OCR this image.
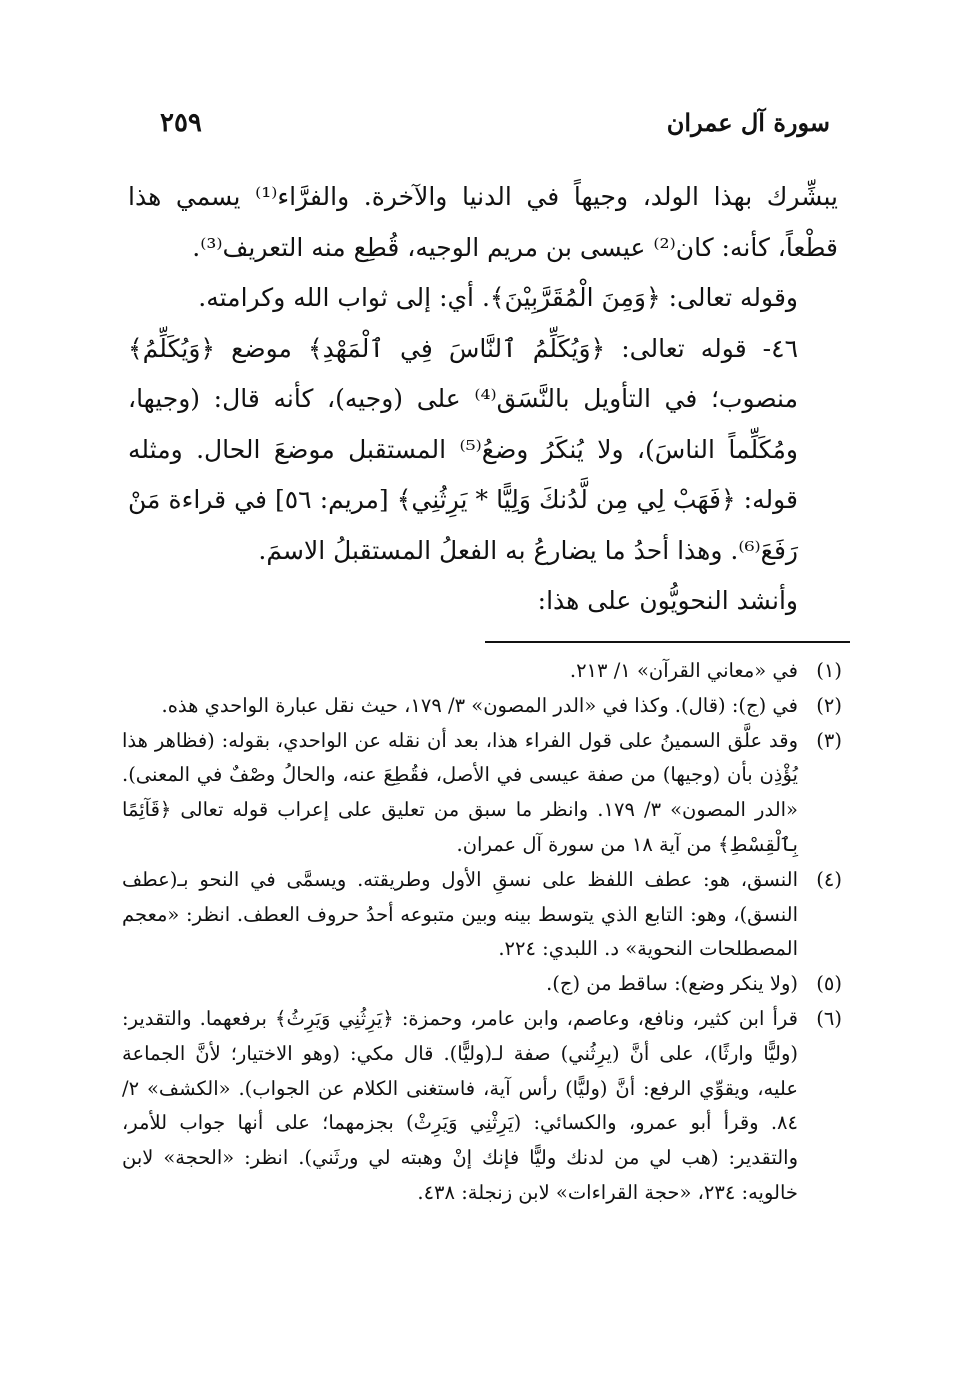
سورة آل عمران
٢٥٩

يبشِّرك بهذا الولد، وجيهاً في الدنيا والآخرة. والفرَّاء⁽¹⁾ يسمي هذا قطْعاً، كأنه: كان⁽²⁾ عيسى بن مريم الوجيه، قُطِع منه التعريف⁽³⁾.

وقوله تعالى: ﴿وَمِنَ الْمُقَرَّبِيْنَ﴾. أي: إلى ثواب الله وكرامته.

٤٦- قوله تعالى: ﴿وَيُكَلِّمُ ٱلنَّاسَ فِي ٱلْمَهْدِ﴾ موضع ﴿وَيُكَلِّمُ﴾ منصوب؛ في التأويل بالنَّسَق⁽⁴⁾ على (وجيه)، كأنه قال: (وجيها، ومُكَلِّماً الناسَ)، ولا يُنكَرُ وضعُ⁽⁵⁾ المستقبل موضعَ الحال. ومثله قوله: ﴿فَهَبْ لِي مِن لَّدُنكَ وَلِيًّا * يَرِثُنِي﴾ [مريم: ٥٦] في قراءة مَنْ رَفَعَ⁽⁶⁾. وهذا أحدُ ما يضارعُ به الفعلُ المستقبلُ الاسمَ.

وأنشد النحويُّون على هذا:

(١)
في «معاني القرآن» ١/ ٢١٣.
(٢)
في (ج): (قال). وكذا في «الدر المصون» ٣/ ١٧٩، حيث نقل عبارة الواحدي هذه.
(٣)
وقد علَّق السمينُ على قول الفراء هذا، بعد أن نقله عن الواحدي، بقوله: (فظاهر هذا يُؤْذِن بأن (وجيها) من صفة عيسى في الأصل، فقُطِعَ عنه، والحالُ وصْفٌ في المعنى). «الدر المصون» ٣/ ١٧٩. وانظر ما سبق من تعليق على إعراب قوله تعالى ﴿قَآئِمًا بِٱلْقِسْطِ﴾ من آية ١٨ من سورة آل عمران.
(٤)
النسق، هو: عطف اللفظ على نسقِ الأول وطريقته. ويسمَّى في النحو بـ(عطف النسق)، وهو: التابع الذي يتوسط بينه وبين متبوعه أحدُ حروف العطف. انظر: «معجم المصطلحات النحوية» د. اللبدي: ٢٢٤.
(٥)
(ولا ينكر وضع): ساقط من (ج).
(٦)
قرأ ابن كثير، ونافع، وعاصم، وابن عامر، وحمزة: ﴿يَرِثُنِي وَيَرِثُ﴾ برفعهما. والتقدير: (وليًّا وارثًا)، على أنَّ (يرِثُني) صفة لـ(وليًّا). قال مكي: (وهو الاختيار؛ لأنَّ الجماعة عليه، ويقوِّي الرفع: أنَّ (وليًّا) رأس آية، فاستغنى الكلام عن الجواب). «الكشف» ٢/ ٨٤. وقرأ أبو عمرو، والكسائي: (يَرِثْنِي وَيَرِثْ) بجزمهما؛ على أنها جواب للأمر، والتقدير: (هب لي من لدنك وليًّا فإنك إنْ وهبته لي ورثَني). انظر: «الحجة» لابن خالويه: ٢٣٤، «حجة القراءات» لابن زنجلة: ٤٣٨.
